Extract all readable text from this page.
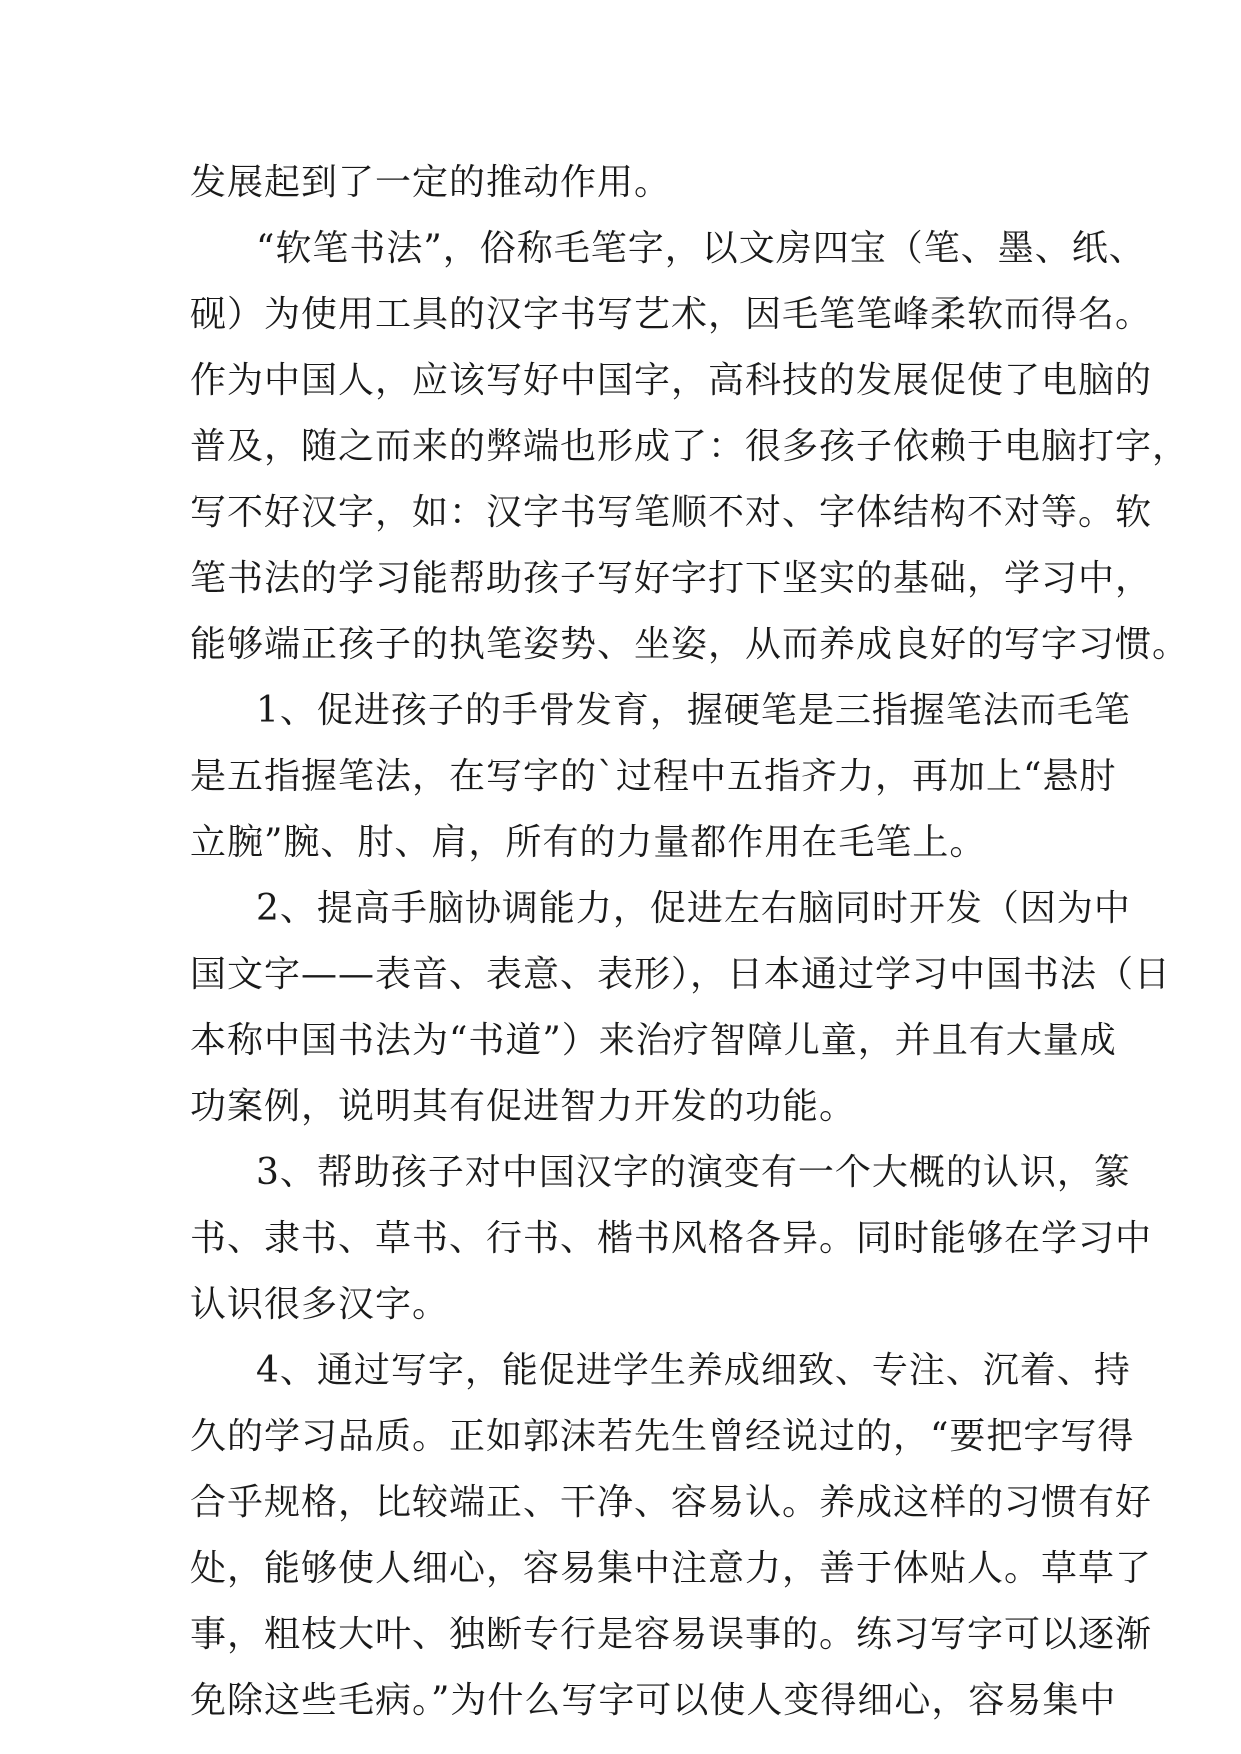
发展起到了一定的推动作用。
“软笔书法”，俗称毛笔字，以文房四宝（笔、墨、纸、
砚）为使用工具的汉字书写艺术，因毛笔笔峰柔软而得名。
作为中国人，应该写好中国字，高科技的发展促使了电脑的
普及，随之而来的弊端也形成了：很多孩子依赖于电脑打字，
写不好汉字，如：汉字书写笔顺不对、字体结构不对等。软
笔书法的学习能帮助孩子写好字打下坚实的基础，学习中，
能够端正孩子的执笔姿势、坐姿，从而养成良好的写字习惯。
1、促进孩子的手骨发育，握硬笔是三指握笔法而毛笔
是五指握笔法，在写字的`过程中五指齐力，再加上“悬肘
立腕”腕、肘、肩，所有的力量都作用在毛笔上。
2、提高手脑协调能力，促进左右脑同时开发（因为中
国文字——表音、表意、表形），日本通过学习中国书法（日
本称中国书法为“书道”）来治疗智障儿童，并且有大量成
功案例，说明其有促进智力开发的功能。
3、帮助孩子对中国汉字的演变有一个大概的认识，篆
书、隶书、草书、行书、楷书风格各异。同时能够在学习中
认识很多汉字。
4、通过写字，能促进学生养成细致、专注、沉着、持
久的学习品质。正如郭沫若先生曾经说过的，“要把字写得
合乎规格，比较端正、干净、容易认。养成这样的习惯有好
处，能够使人细心，容易集中注意力，善于体贴人。草草了
事，粗枝大叶、独断专行是容易误事的。练习写字可以逐渐
免除这些毛病。”为什么写字可以使人变得细心，容易集中
